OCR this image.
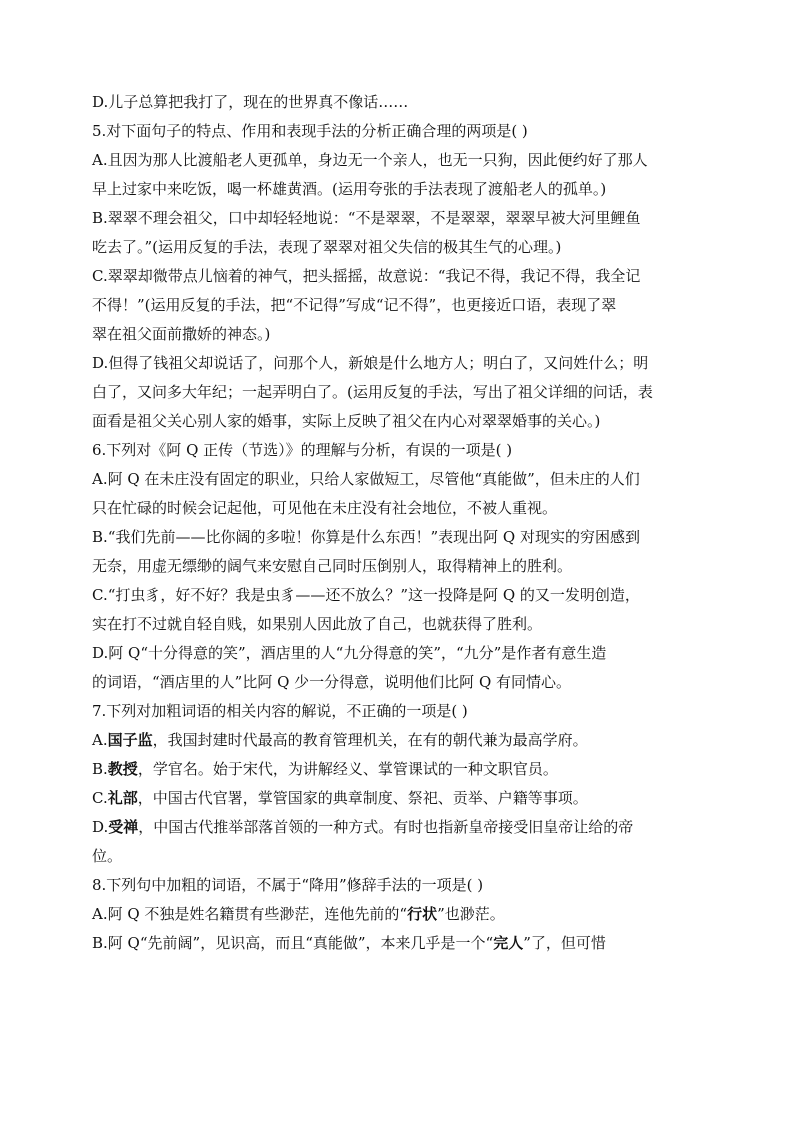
D.儿子总算把我打了，现在的世界真不像话……
5.对下面句子的特点、作用和表现手法的分析正确合理的两项是( )
A.且因为那人比渡船老人更孤单，身边无一个亲人，也无一只狗，因此便约好了那人
早上过家中来吃饭，喝一杯雄黄酒。(运用夸张的手法表现了渡船老人的孤单。)
B.翠翠不理会祖父，口中却轻轻地说：“不是翠翠，不是翠翠，翠翠早被大河里鲤鱼
吃去了。”(运用反复的手法，表现了翠翠对祖父失信的极其生气的心理。)
C.翠翠却微带点儿恼着的神气，把头摇摇，故意说：“我记不得，我记不得，我全记
不得！”(运用反复的手法，把“不记得”写成“记不得”，也更接近口语，表现了翠
翠在祖父面前撒娇的神态。)
D.但得了钱祖父却说话了，问那个人，新娘是什么地方人；明白了，又问姓什么；明
白了，又问多大年纪；一起弄明白了。(运用反复的手法，写出了祖父详细的问话，表
面看是祖父关心别人家的婚事，实际上反映了祖父在内心对翠翠婚事的关心。)
6.下列对《阿 Q 正传（节选）》的理解与分析，有误的一项是( )
A.阿 Q 在未庄没有固定的职业，只给人家做短工，尽管他“真能做”，但未庄的人们
只在忙碌的时候会记起他，可见他在未庄没有社会地位，不被人重视。
B.“我们先前——比你阔的多啦！你算是什么东西！”表现出阿 Q 对现实的穷困感到
无奈，用虚无缥缈的阔气来安慰自己同时压倒别人，取得精神上的胜利。
C.“打虫豸，好不好？我是虫豸——还不放么？”这一投降是阿 Q 的又一发明创造，
实在打不过就自轻自贱，如果别人因此放了自己，也就获得了胜利。
D.阿 Q“十分得意的笑”，酒店里的人“九分得意的笑”，“九分”是作者有意生造
的词语，“酒店里的人”比阿 Q 少一分得意，说明他们比阿 Q 有同情心。
7.下列对加粗词语的相关内容的解说，不正确的一项是( )
A.国子监，我国封建时代最高的教育管理机关，在有的朝代兼为最高学府。
B.教授，学官名。始于宋代，为讲解经义、掌管课试的一种文职官员。
C.礼部，中国古代官署，掌管国家的典章制度、祭祀、贡举、户籍等事项。
D.受禅，中国古代推举部落首领的一种方式。有时也指新皇帝接受旧皇帝让给的帝
位。
8.下列句中加粗的词语，不属于“降用”修辞手法的一项是( )
A.阿 Q 不独是姓名籍贯有些渺茫，连他先前的“行状”也渺茫。
B.阿 Q“先前阔”，见识高，而且“真能做”，本来几乎是一个“完人”了，但可惜
